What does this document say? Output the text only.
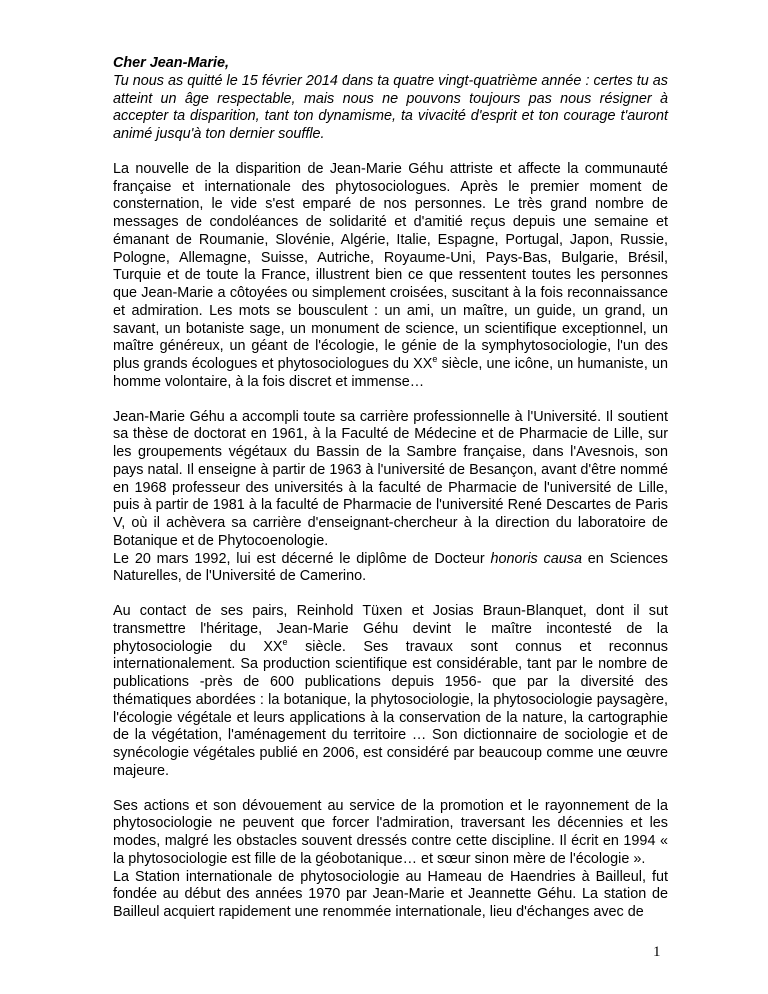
Cher Jean-Marie,

Tu nous as quitté le 15 février 2014 dans ta quatre vingt-quatrième année : certes tu as atteint un âge respectable, mais nous ne pouvons toujours pas nous résigner à accepter ta disparition, tant ton dynamisme, ta vivacité d'esprit et ton courage t'auront animé jusqu'à ton dernier souffle.

La nouvelle de la disparition de Jean-Marie Géhu attriste et affecte la communauté française et internationale des phytosociologues. Après le premier moment de consternation, le vide s'est emparé de nos personnes. Le très grand nombre de messages de condoléances de solidarité et d'amitié reçus depuis une semaine et émanant de Roumanie, Slovénie, Algérie, Italie, Espagne, Portugal, Japon, Russie, Pologne, Allemagne, Suisse, Autriche, Royaume-Uni, Pays-Bas, Bulgarie, Brésil, Turquie et de toute la France, illustrent bien ce que ressentent toutes les personnes que Jean-Marie a côtoyées ou simplement croisées, suscitant à la fois reconnaissance et admiration. Les mots se bousculent : un ami, un maître, un guide, un grand, un savant, un botaniste sage, un monument de science, un scientifique exceptionnel, un maître généreux, un géant de l'écologie, le génie de la symphytosociologie, l'un des plus grands écologues et phytosociologues du XXe siècle, une icône, un humaniste, un homme volontaire, à la fois discret et immense…

Jean-Marie Géhu a accompli toute sa carrière professionnelle à l'Université. Il soutient sa thèse de doctorat en 1961, à la Faculté de Médecine et de Pharmacie de Lille, sur les groupements végétaux du Bassin de la Sambre française, dans l'Avesnois, son pays natal. Il enseigne à partir de 1963 à l'université de Besançon, avant d'être nommé en 1968 professeur des universités à la faculté de Pharmacie de l'université de Lille, puis à partir de 1981 à la faculté de Pharmacie de l'université René Descartes de Paris V, où il achèvera sa carrière d'enseignant-chercheur à la direction du laboratoire de Botanique et de Phytocoenologie.

Le 20 mars 1992, lui est décerné le diplôme de Docteur honoris causa en Sciences Naturelles, de l'Université de Camerino.

Au contact de ses pairs, Reinhold Tüxen et Josias Braun-Blanquet, dont il sut transmettre l'héritage, Jean-Marie Géhu devint le maître incontesté de la phytosociologie du XXe siècle. Ses travaux sont connus et reconnus internationalement. Sa production scientifique est considérable, tant par le nombre de publications -près de 600 publications depuis 1956- que par la diversité des thématiques abordées : la botanique, la phytosociologie, la phytosociologie paysagère, l'écologie végétale et leurs applications à la conservation de la nature, la cartographie de la végétation, l'aménagement du territoire … Son dictionnaire de sociologie et de synécologie végétales publié en 2006, est considéré par beaucoup comme une œuvre majeure.

Ses actions et son dévouement au service de la promotion et le rayonnement de la phytosociologie ne peuvent que forcer l'admiration, traversant les décennies et les modes, malgré les obstacles souvent dressés contre cette discipline. Il écrit en 1994 « la phytosociologie est fille de la géobotanique… et sœur sinon mère de l'écologie ».

La Station internationale de phytosociologie au Hameau de Haendries à Bailleul, fut fondée au début des années 1970 par Jean-Marie et Jeannette Géhu. La station de Bailleul acquiert rapidement une renommée internationale, lieu d'échanges avec de

1
